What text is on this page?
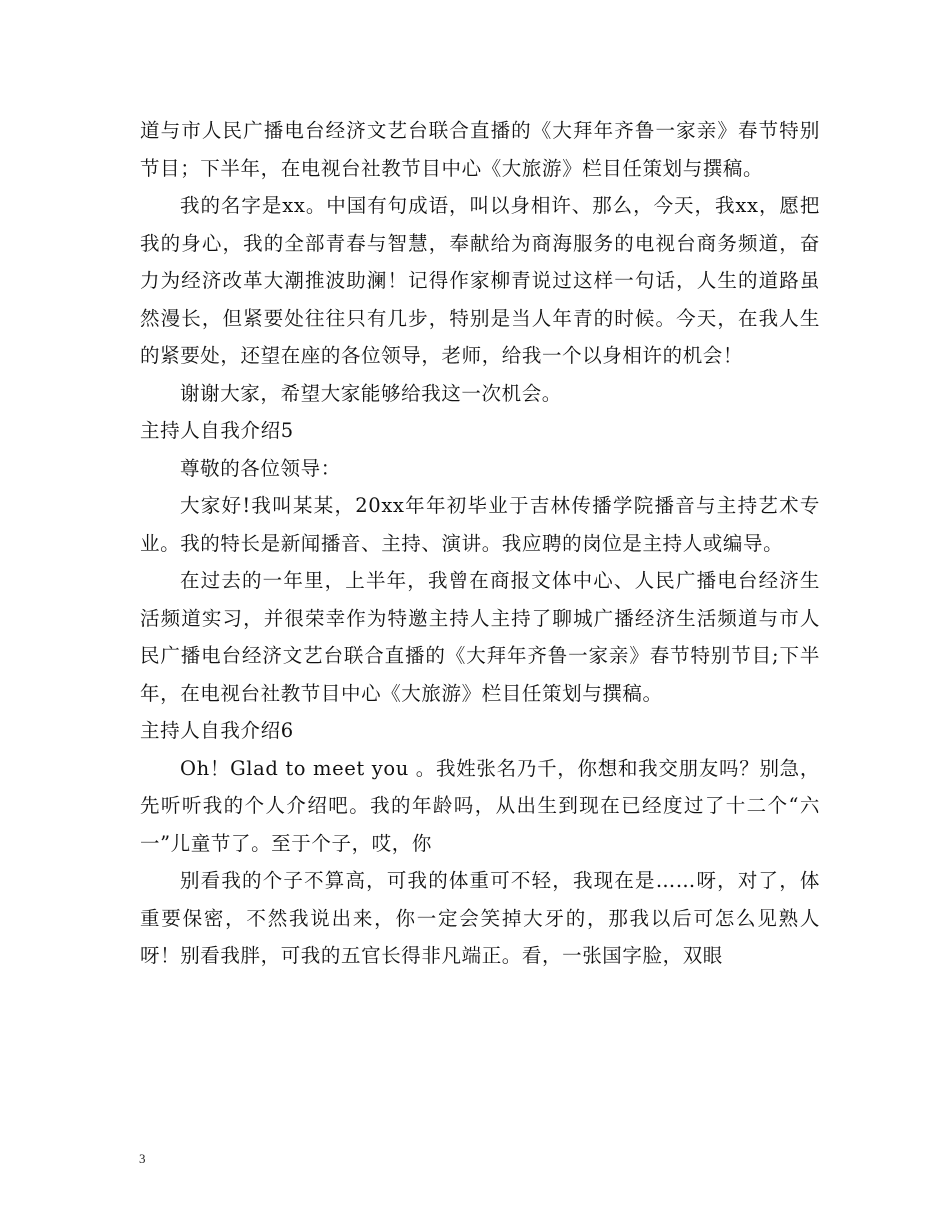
道与市人民广播电台经济文艺台联合直播的《大拜年齐鲁一家亲》春节特别节目；下半年，在电视台社教节目中心《大旅游》栏目任策划与撰稿。

我的名字是xx。中国有句成语，叫以身相许、那么，今天，我xx，愿把我的身心，我的全部青春与智慧，奉献给为商海服务的电视台商务频道，奋力为经济改革大潮推波助澜！记得作家柳青说过这样一句话，人生的道路虽然漫长，但紧要处往往只有几步，特别是当人年青的时候。今天，在我人生的紧要处，还望在座的各位领导，老师，给我一个以身相许的机会！

谢谢大家，希望大家能够给我这一次机会。

主持人自我介绍5

尊敬的各位领导：

大家好!我叫某某，20xx年年初毕业于吉林传播学院播音与主持艺术专业。我的特长是新闻播音、主持、演讲。我应聘的岗位是主持人或编导。

在过去的一年里，上半年，我曾在商报文体中心、人民广播电台经济生活频道实习，并很荣幸作为特邀主持人主持了聊城广播经济生活频道与市人民广播电台经济文艺台联合直播的《大拜年齐鲁一家亲》春节特别节目;下半年，在电视台社教节目中心《大旅游》栏目任策划与撰稿。

主持人自我介绍6

Oh！Glad to meet you 。我姓张名乃千，你想和我交朋友吗？别急，先听听我的个人介绍吧。我的年龄吗，从出生到现在已经度过了十二个“六一”儿童节了。至于个子，哎，你

别看我的个子不算高，可我的体重可不轻，我现在是……呀，对了，体重要保密，不然我说出来，你一定会笑掉大牙的，那我以后可怎么见熟人呀！别看我胖，可我的五官长得非凡端正。看，一张国字脸，双眼

3
